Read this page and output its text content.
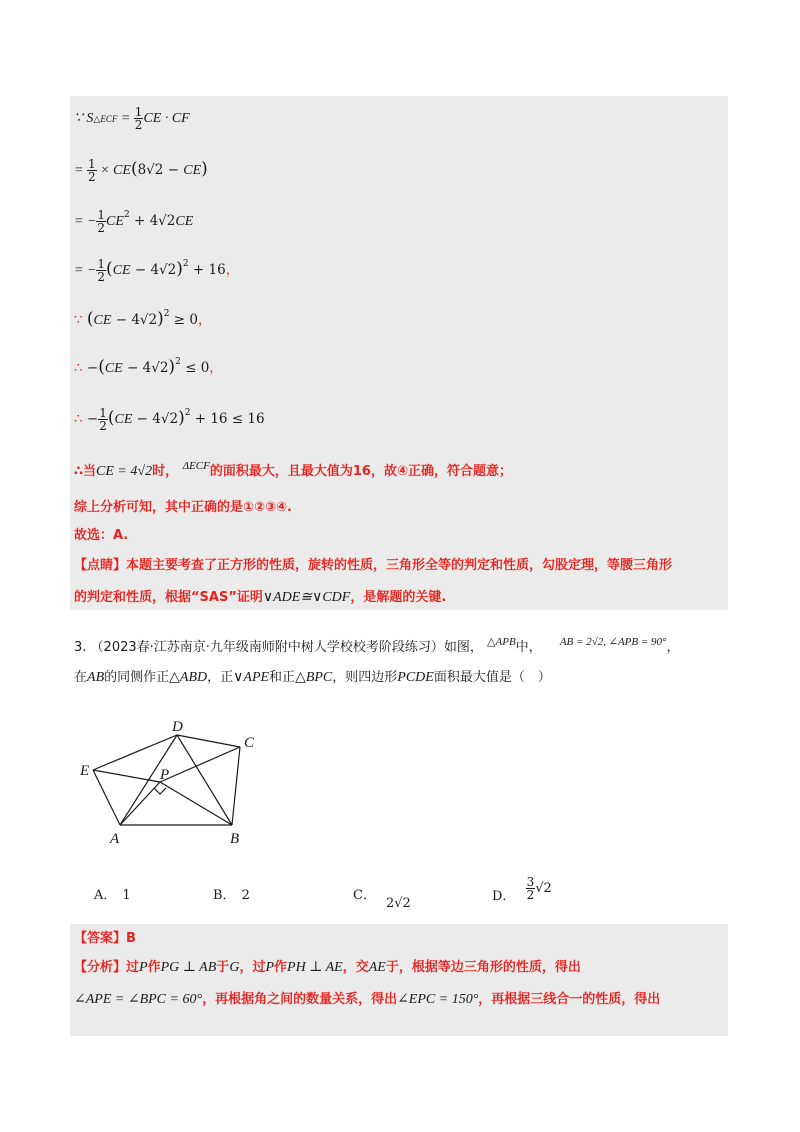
∵ S△ECF = $\frac{1}{2}$ CE · CF
= $\frac{1}{2} \times CE(8√2 - CE)$
= − $\frac{1}{2} CE^2 + 4√2CE$
= − $\frac{1}{2} (CE - 4√2)^2 + 16$，
∵ (CE − 4√2)$^2$ ≥ 0，
∴ −(CE − 4√2)$^2$ ≤ 0，
∴ − $\frac{1}{2} (CE - 4√2)^2 + 16 \le 16$
∴当CE = 4√2时， $^{\Delta ECF}$的面积最大，且最大值为16，故④正确，符合题意；
综上分析可知，其中正确的是①②③④.
故选：A.
【点睛】本题主要考查了正方形的性质，旋转的性质，三角形全等的判定和性质，勾股定理，等腰三角形
的判定和性质，根据“SAS”证明∨ADE≅∨CDF，是解题的关键.
3. （2023春·江苏南京·九年级南师附中树人学校校考阶段练习）如图， $^{\triangle APB}$中， $^{AB = 2√2, \angle APB = 90^\circ}$，
在AB的同侧作正△ABD，正∨APE和正△BPC，则四边形PCDE面积最大值是（　）
D
C
E	P
A	B
A． 1	B． 2	C．2√2	D． $\frac{3}{2} √2$
【答案】B
【分析】过P作PG ⊥ AB于G，过P作PH ⊥ AE，交AE于，根据等边三角形的性质，得出
∠APE = ∠BPC = 60°，再根据角之间的数量关系，得出∠EPC = 150°，再根据三线合一的性质，得出
